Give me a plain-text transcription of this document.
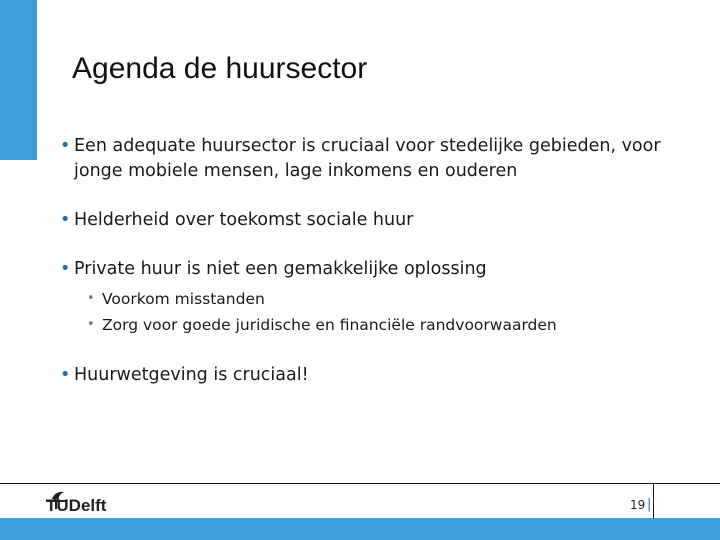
Agenda de huursector
• Een adequate huursector is cruciaal voor stedelijke gebieden, voor jonge mobiele mensen, lage inkomens en ouderen
• Helderheid over toekomst sociale huur
• Private huur is niet een gemakkelijke oplossing
• Voorkom misstanden
• Zorg voor goede juridische en financiële randvoorwaarden
• Huurwetgeving is cruciaal!
TUDelft	19 |
